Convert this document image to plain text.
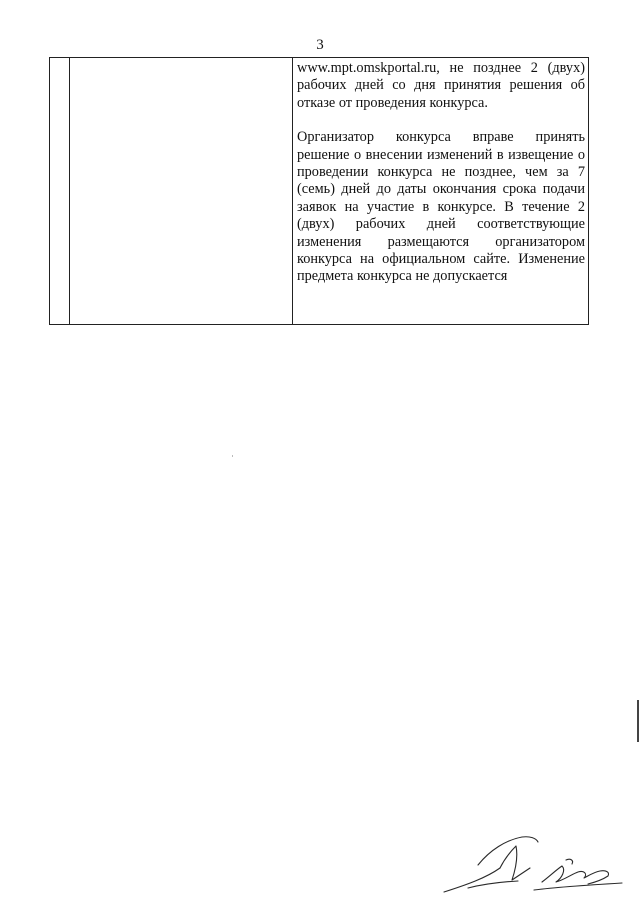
3

www.mpt.omskportal.ru, не позднее 2 (двух) рабочих дней со дня принятия решения об отказе от проведения конкурса.

Организатор конкурса вправе принять решение о внесении изменений в извещение о проведении конкурса не позднее, чем за 7 (семь) дней до даты окончания срока подачи заявок на участие в конкурсе. В течение 2 (двух) рабочих дней соответствующие изменения размещаются организатором конкурса на официальном сайте. Изменение предмета конкурса не допускается
